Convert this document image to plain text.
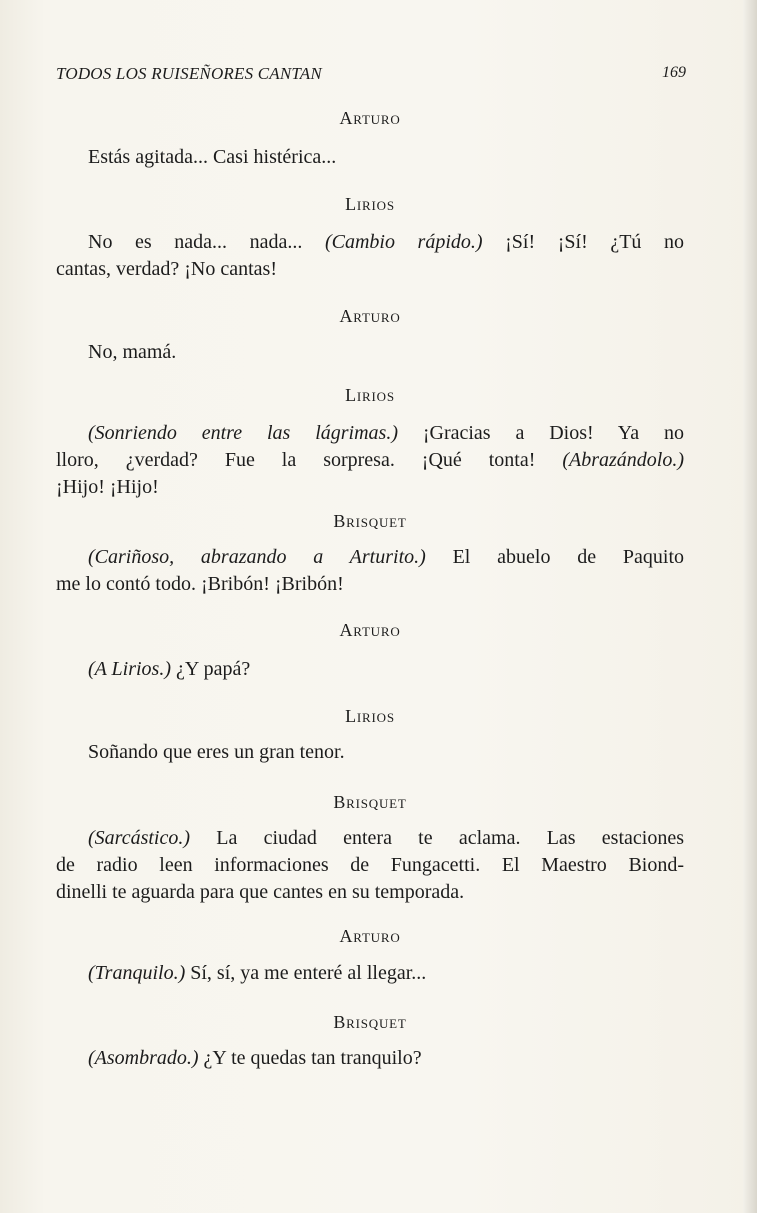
TODOS LOS RUISEÑORES CANTAN	169
Arturo
Estás agitada... Casi histérica...
Lirios
No es nada... nada... (Cambio rápido.) ¡Sí! ¡Sí! ¿Tú no
cantas, verdad? ¡No cantas!
Arturo
No, mamá.
Lirios
(Sonriendo entre las lágrimas.) ¡Gracias a Dios! Ya no
lloro, ¿verdad? Fue la sorpresa. ¡Qué tonta! (Abrazándolo.)
¡Hijo! ¡Hijo!
Brisquet
(Cariñoso, abrazando a Arturito.) El abuelo de Paquito
me lo contó todo. ¡Bribón! ¡Bribón!
Arturo
(A Lirios.) ¿Y papá?
Lirios
Soñando que eres un gran tenor.
Brisquet
(Sarcástico.) La ciudad entera te aclama. Las estaciones
de radio leen informaciones de Fungacetti. El Maestro Biond-
dinelli te aguarda para que cantes en su temporada.
Arturo
(Tranquilo.) Sí, sí, ya me enteré al llegar...
Brisquet
(Asombrado.) ¿Y te quedas tan tranquilo?
